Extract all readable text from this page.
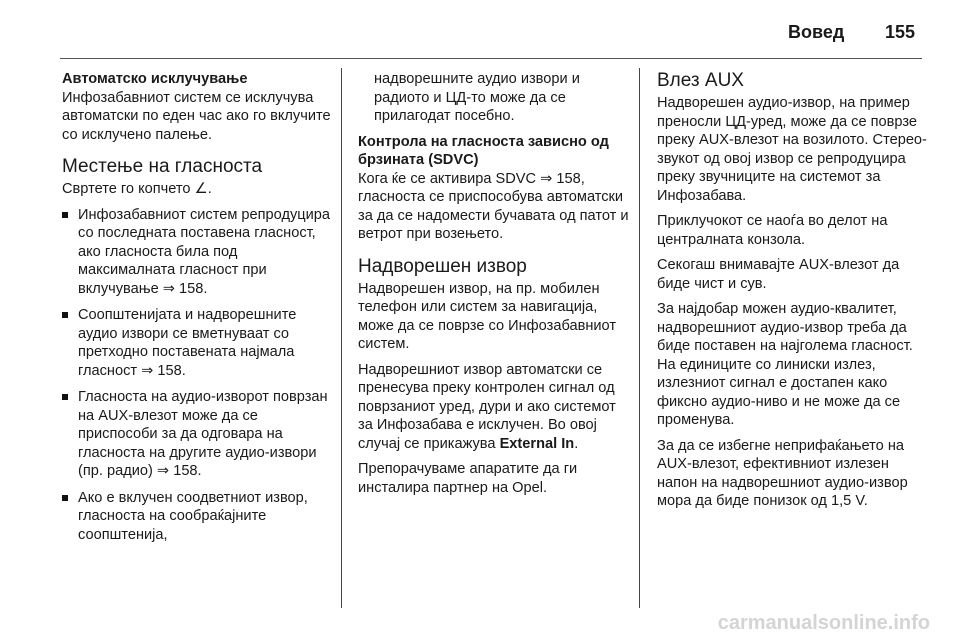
Вовед 155

Автоматско исклучување

Инфозабавниот систем се исклучува автоматски по еден час ако го вклучите со исклучено палење.

Местење на гласноста

Свртете го копчето ∠.

Инфозабавниот систем репродуцира со последната поставена гласност, ако гласноста била под максималната гласност при вклучување ⇒ 158.
Соопштенијата и надворешните аудио извори се вметнуваат со претходно поставената најмала гласност ⇒ 158.
Гласноста на аудио-изворот поврзан на AUX-влезот може да се приспособи за да одговара на гласноста на другите аудио-извори (пр. радио) ⇒ 158.
Ако е вклучен соодветниот извор, гласноста на сообраќајните соопштенија,

надворешните аудио извори и радиото и ЦД-то може да се прилагодат посебно.

Контрола на гласноста зависно од брзината (SDVC)

Кога ќе се активира SDVC ⇒ 158, гласноста се приспособува автоматски за да се надомести бучавата од патот и ветрот при возењето.

Надворешен извор

Надворешен извор, на пр. мобилен телефон или систем за навигација, може да се поврзе со Инфозабавниот систем.

Надворешниот извор автоматски се пренесува преку контролен сигнал од поврзаниот уред, дури и ако системот за Инфозабава е исклучен. Во овој случај се прикажува External In.

Препорачуваме апаратите да ги инсталира партнер на Opel.

Влез AUX

Надворешен аудио-извор, на пример преносли ЦД-уред, може да се поврзе преку AUX-влезот на возилото. Стерео-звукот од овој извор се репродуцира преку звучниците на системот за Инфозабава.

Приклучокот се наоѓа во делот на централната конзола.

Секогаш внимавајте AUX-влезот да биде чист и сув.

За најдобар можен аудио-квалитет, надворешниот аудио-извор треба да биде поставен на најголема гласност. На единиците со линиски излез, излезниот сигнал е достапен како фиксно аудио-ниво и не може да се променува.

За да се избегне неприфаќањето на AUX-влезот, ефективниот излезен напон на надворешниот аудио-извор мора да биде понизок од 1,5 V.

carmanualsonline.info
